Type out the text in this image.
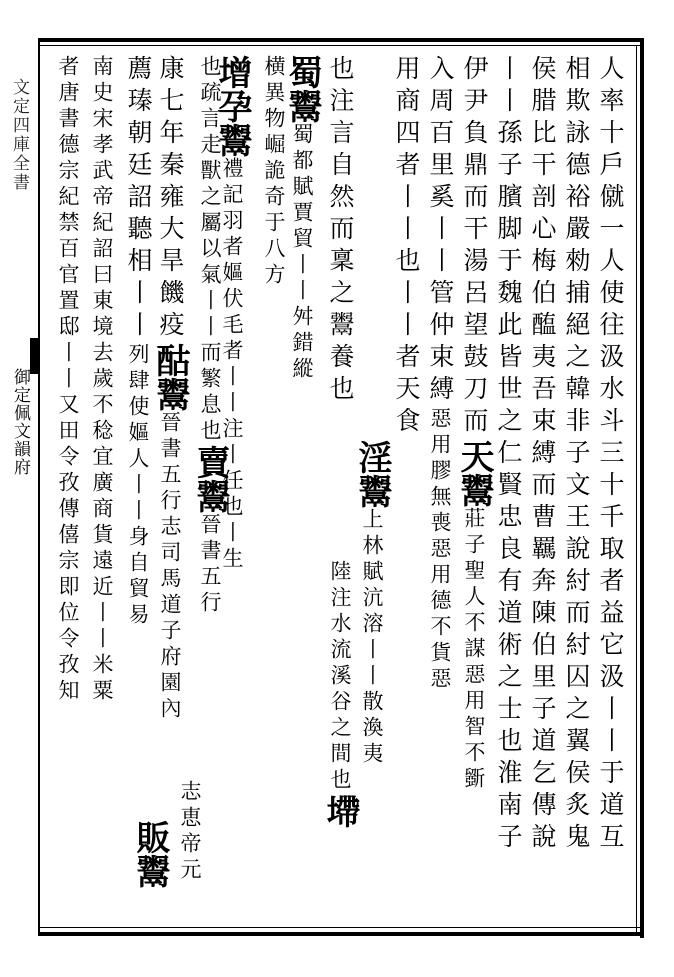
文定四庫全書
御定佩文韻府	人率十戶僦一人使往汲水斗三十千取者益它汲丨丨于道互
相欺詠德裕嚴勑捕絕之韓非子文王說紂而紂囚之翼侯炙鬼
侯腊比干剖心梅伯醢夷吾束縛而曹羈奔陳伯里子道乞傳說
丨丨孫子臏脚于魏此皆世之仁賢忠良有道術之士也淮南子
伊尹負鼎而干湯呂望鼓刀而天鬻莊子聖人不謀惡用智不斵
入周百里奚丨丨管仲束縛惡用膠無喪惡用德不貨惡
用商四者丨丨也丨丨者天食
淫鬻上林賦沆溶丨丨散渙夷
也注言自然而稟之鬻養也
陸注水流溪谷之間也墆
蜀鬻蜀都賦賈貿丨丨舛錯縱
横異物崛詭奇于八方
增孕鬻禮記羽者嫗伏毛者丨丨注丨任也丨生
也疏言走獸之屬以氣丨丨而繁息也賣鬻晉書五行
志恵帝元
康七年秦雍大旱饑疫酤鬻晉書五行志司馬道子府園內
薦瑧朝廷詔聽相丨丨列肆使嫗人丨丨身自貿易
南史宋孝武帝紀詔曰東境去歲不稔宜廣商貨遠近丨丨米粟
者唐書德宗紀禁百官置邸丨丨又田令孜傳僖宗即位令孜知
販鬻
